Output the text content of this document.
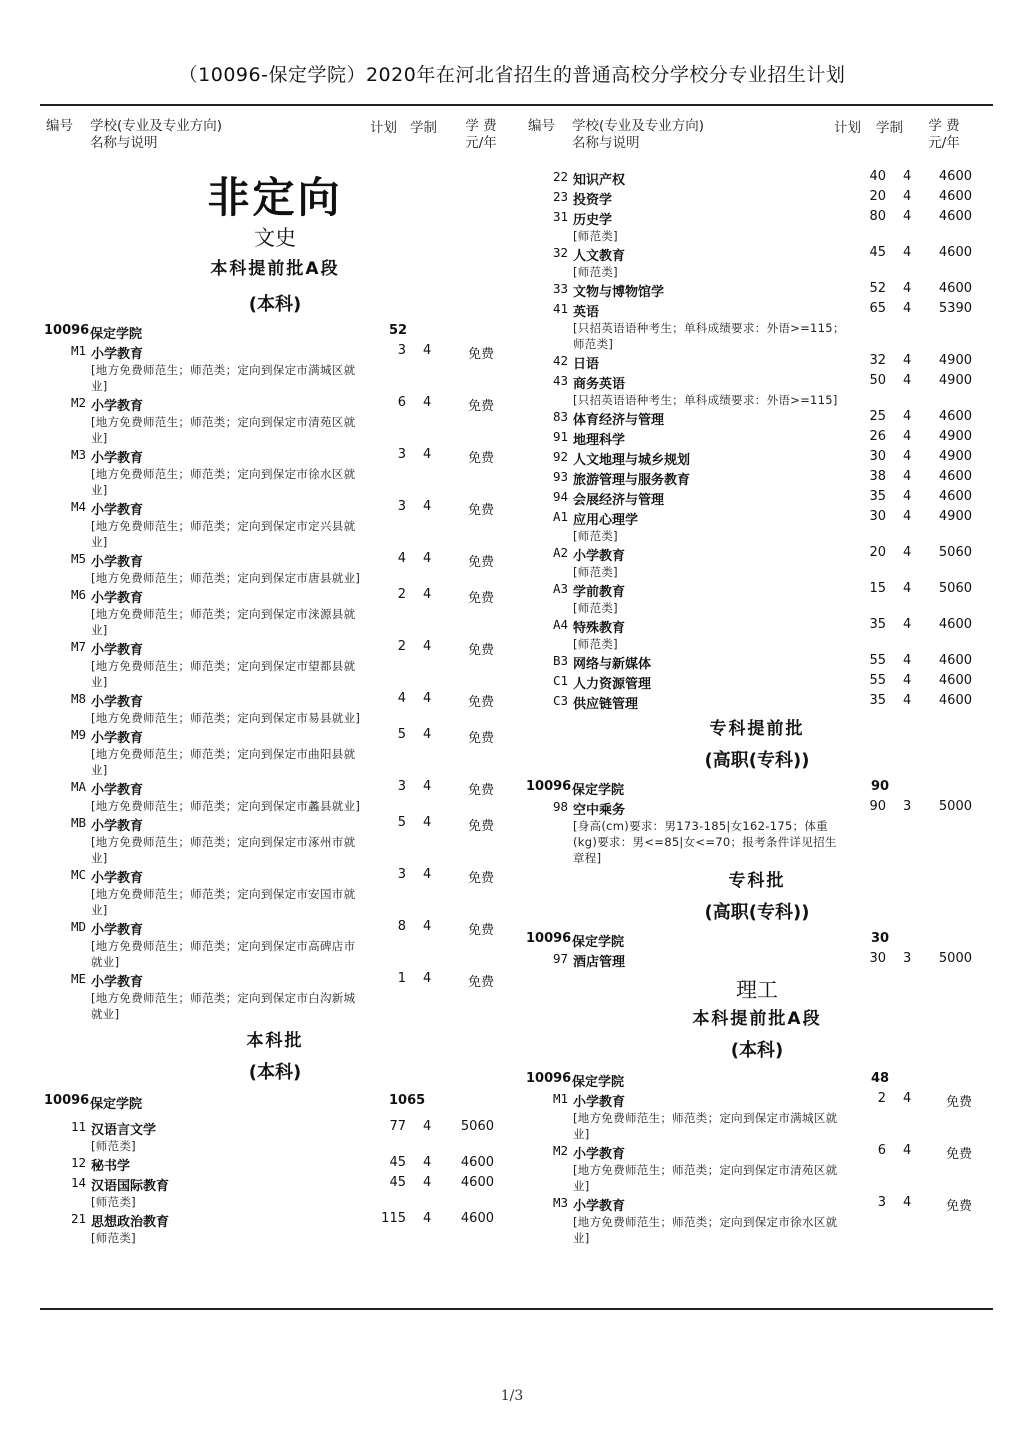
（10096-保定学院）2020年在河北省招生的普通高校分学校分专业招生计划
编号 学校(专业及专业方向)
名称与说明
计划 学制	学 费
元/年
非定向
文史
本科提前批A段
(本科)
10096 保定学院	52
M1 小学教育	3 4	免费
[地方免费师范生；师范类；定向到保定市满城区就业]
M2 小学教育	6 4	免费
[地方免费师范生；师范类；定向到保定市清苑区就业]
M3 小学教育	3 4	免费
[地方免费师范生；师范类；定向到保定市徐水区就业]
M4 小学教育	3 4	免费
[地方免费师范生；师范类；定向到保定市定兴县就业]
M5 小学教育	4 4	免费
[地方免费师范生；师范类；定向到保定市唐县就业]
M6 小学教育	2 4	免费
[地方免费师范生；师范类；定向到保定市涞源县就业]
M7 小学教育	2 4	免费
[地方免费师范生；师范类；定向到保定市望都县就业]
M8 小学教育	4 4	免费
[地方免费师范生；师范类；定向到保定市易县就业]
M9 小学教育	5 4	免费
[地方免费师范生；师范类；定向到保定市曲阳县就业]
MA 小学教育	3 4	免费
[地方免费师范生；师范类；定向到保定市蠡县就业]
MB 小学教育	5 4	免费
[地方免费师范生；师范类；定向到保定市涿州市就业]
MC 小学教育	3 4	免费
[地方免费师范生；师范类；定向到保定市安国市就业]
MD 小学教育	8 4	免费
[地方免费师范生；师范类；定向到保定市高碑店市就业]
ME 小学教育	1 4	免费
[地方免费师范生；师范类；定向到保定市白沟新城就业]
本科批
(本科)
10096 保定学院	1065
11 汉语言文学	77 4	5060
[师范类]
12 秘书学	45 4	4600
14 汉语国际教育	45 4	4600
[师范类]
21 思想政治教育	115 4	4600
[师范类]
编号 学校(专业及专业方向)
名称与说明
计划 学制	学 费
元/年
22 知识产权	40 4	4600
23 投资学	20 4	4600
31 历史学	80 4	4600
[师范类]
32 人文教育	45 4	4600
[师范类]
33 文物与博物馆学	52 4	4600
41 英语	65 4	5390
[只招英语语种考生；单科成绩要求：外语>=115；师范类]
42 日语	32 4	4900
43 商务英语	50 4	4900
[只招英语语种考生；单科成绩要求：外语>=115]
83 体育经济与管理	25 4	4600
91 地理科学	26 4	4900
92 人文地理与城乡规划	30 4	4900
93 旅游管理与服务教育	38 4	4600
94 会展经济与管理	35 4	4600
A1 应用心理学	30 4	4900
[师范类]
A2 小学教育	20 4	5060
[师范类]
A3 学前教育	15 4	5060
[师范类]
A4 特殊教育	35 4	4600
[师范类]
B3 网络与新媒体	55 4	4600
C1 人力资源管理	55 4	4600
C3 供应链管理	35 4	4600
专科提前批
(高职(专科))
10096 保定学院	90
98 空中乘务	90 3	5000
[身高(cm)要求：男173-185|女162-175；体重(kg)要求：男<=85|女<=70；报考条件详见招生章程]
专科批
(高职(专科))
10096 保定学院	30
97 酒店管理	30 3	5000
理工
本科提前批A段
(本科)
10096 保定学院	48
M1 小学教育	2 4	免费
[地方免费师范生；师范类；定向到保定市满城区就业]
M2 小学教育	6 4	免费
[地方免费师范生；师范类；定向到保定市清苑区就业]
M3 小学教育	3 4	免费
[地方免费师范生；师范类；定向到保定市徐水区就业]
1/3
